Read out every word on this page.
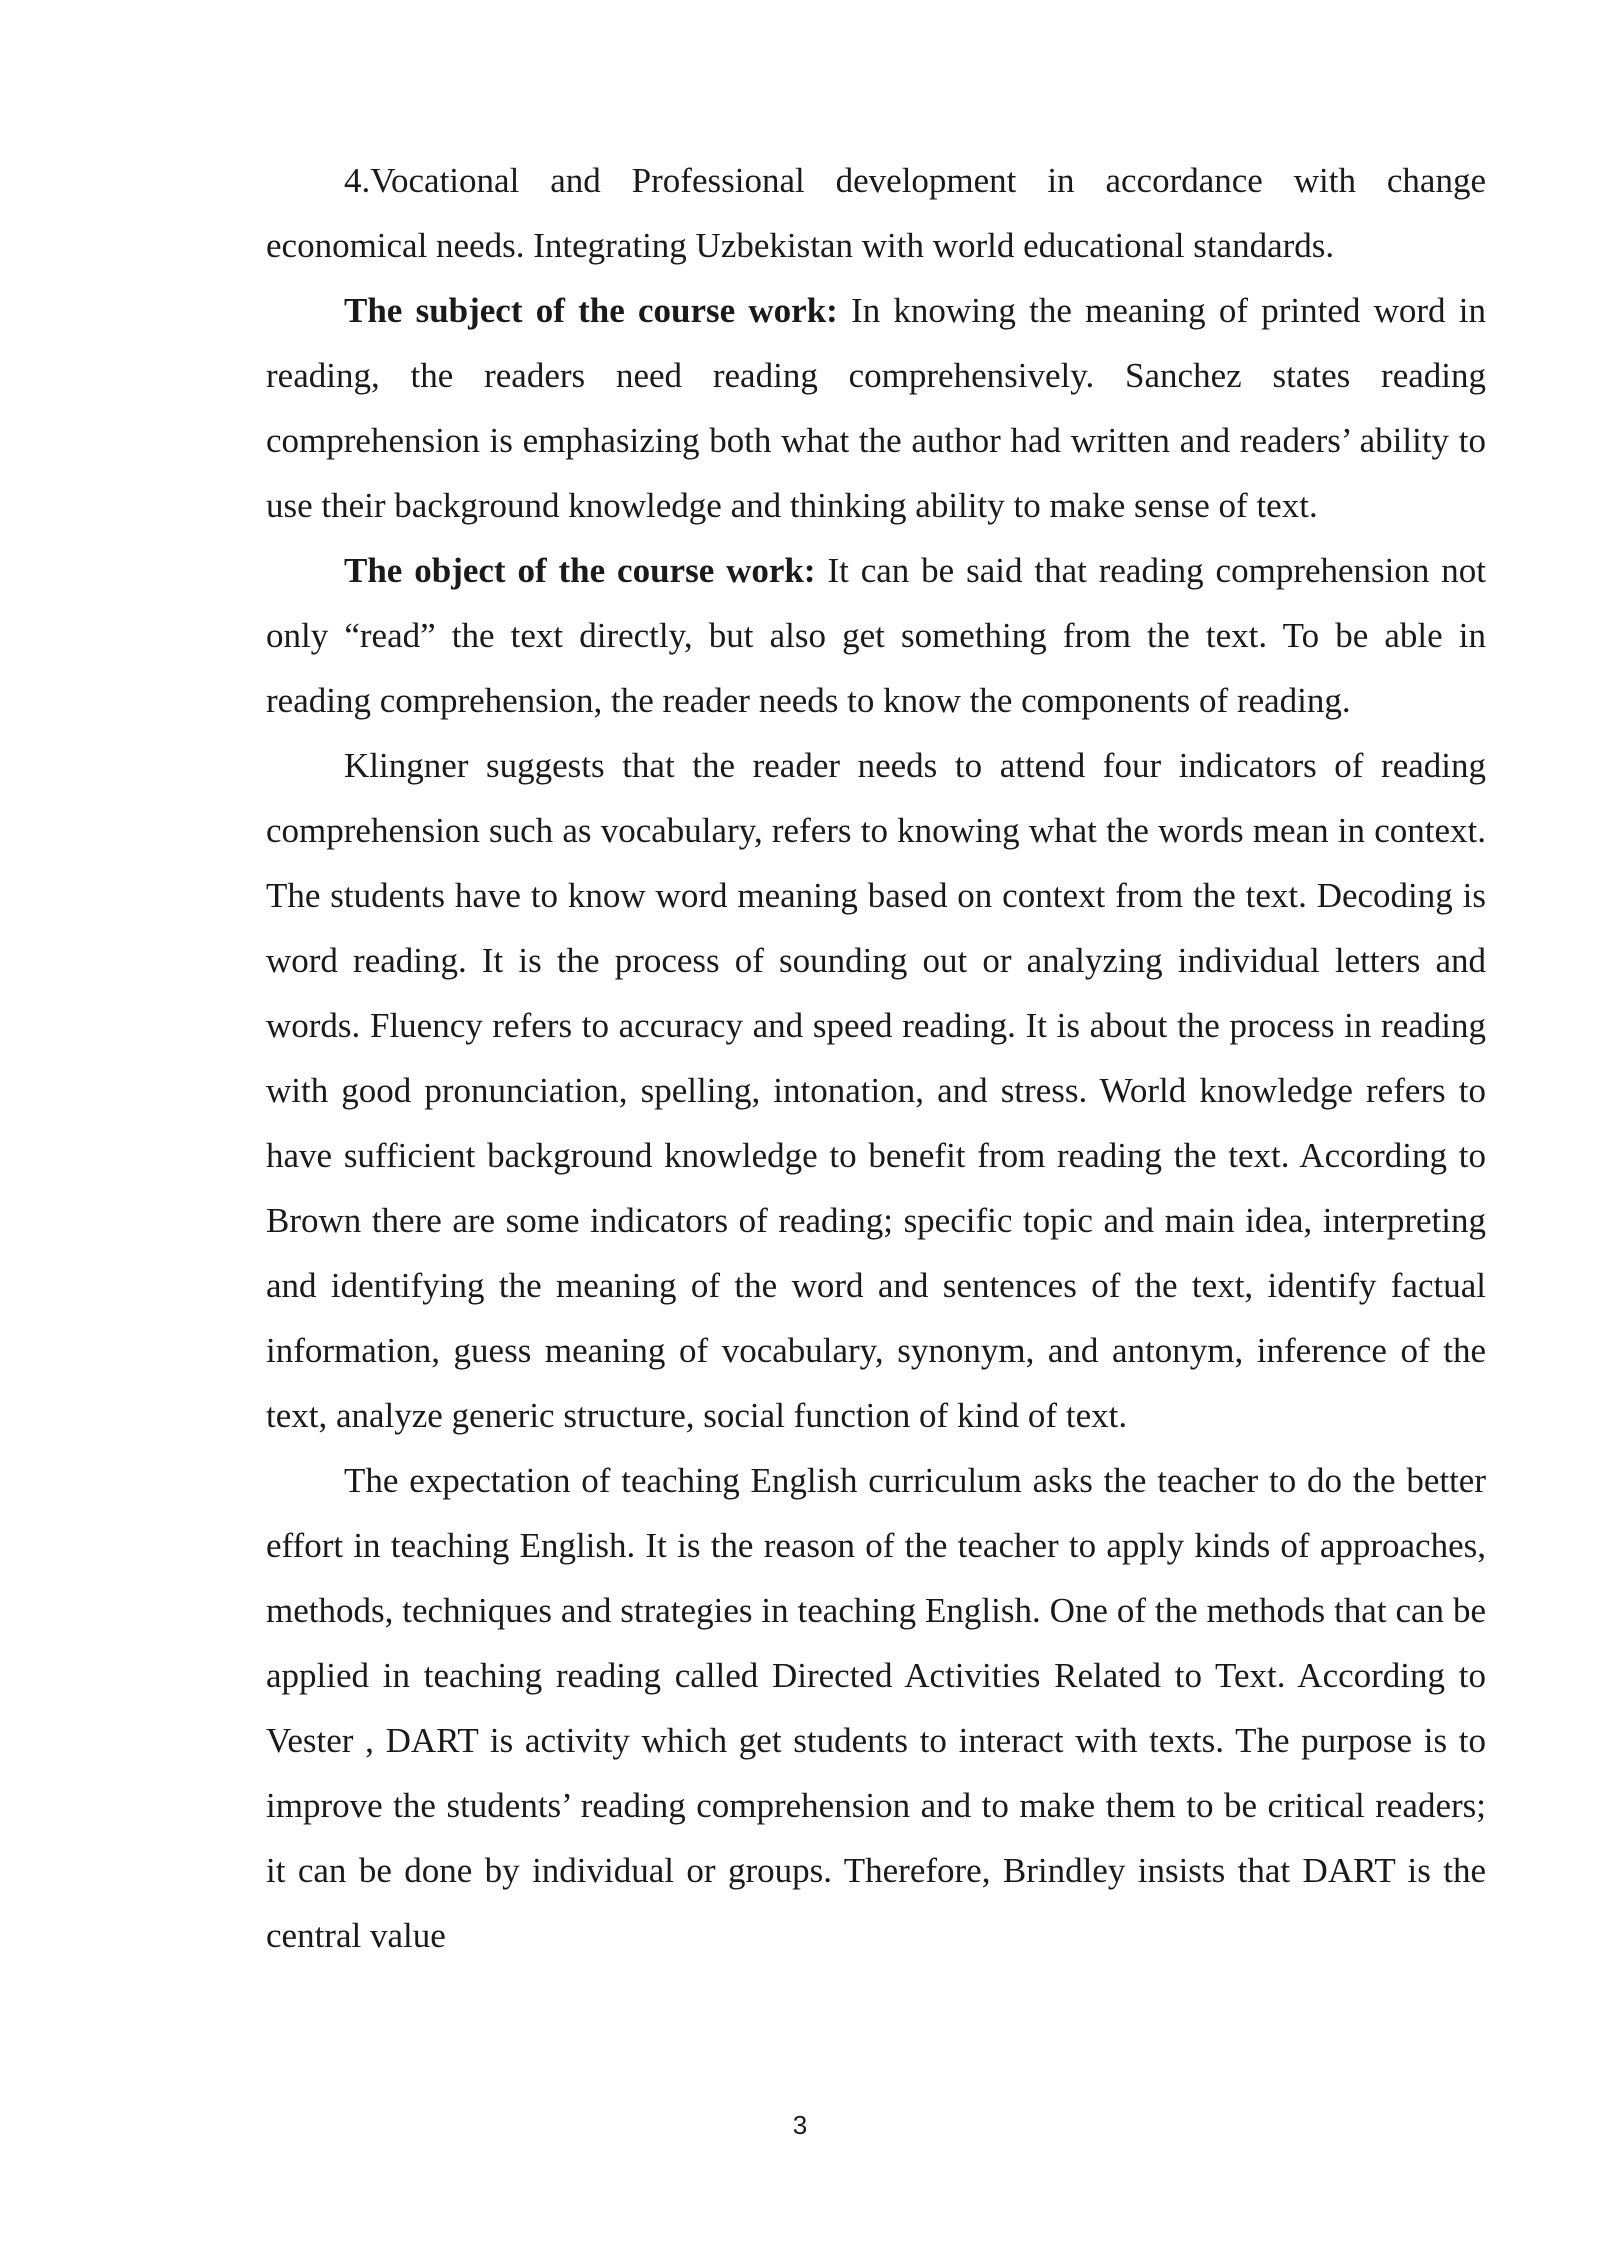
4.Vocational and Professional development in accordance with change economical needs. Integrating Uzbekistan with world educational standards.

The subject of the course work: In knowing the meaning of printed word in reading, the readers need reading comprehensively. Sanchez states reading comprehension is emphasizing both what the author had written and readers’ ability to use their background knowledge and thinking ability to make sense of text.

The object of the course work: It can be said that reading comprehension not only “read” the text directly, but also get something from the text. To be able in reading comprehension, the reader needs to know the components of reading.

Klingner suggests that the reader needs to attend four indicators of reading comprehension such as vocabulary, refers to knowing what the words mean in context. The students have to know word meaning based on context from the text. Decoding is word reading. It is the process of sounding out or analyzing individual letters and words. Fluency refers to accuracy and speed reading. It is about the process in reading with good pronunciation, spelling, intonation, and stress. World knowledge refers to have sufficient background knowledge to benefit from reading the text. According to Brown there are some indicators of reading; specific topic and main idea, interpreting and identifying the meaning of the word and sentences of the text, identify factual information, guess meaning of vocabulary, synonym, and antonym, inference of the text, analyze generic structure, social function of kind of text.

The expectation of teaching English curriculum asks the teacher to do the better effort in teaching English. It is the reason of the teacher to apply kinds of approaches, methods, techniques and strategies in teaching English. One of the methods that can be applied in teaching reading called Directed Activities Related to Text. According to Vester , DART is activity which get students to interact with texts. The purpose is to improve the students’ reading comprehension and to make them to be critical readers; it can be done by individual or groups. Therefore, Brindley insists that DART is the central value

3
